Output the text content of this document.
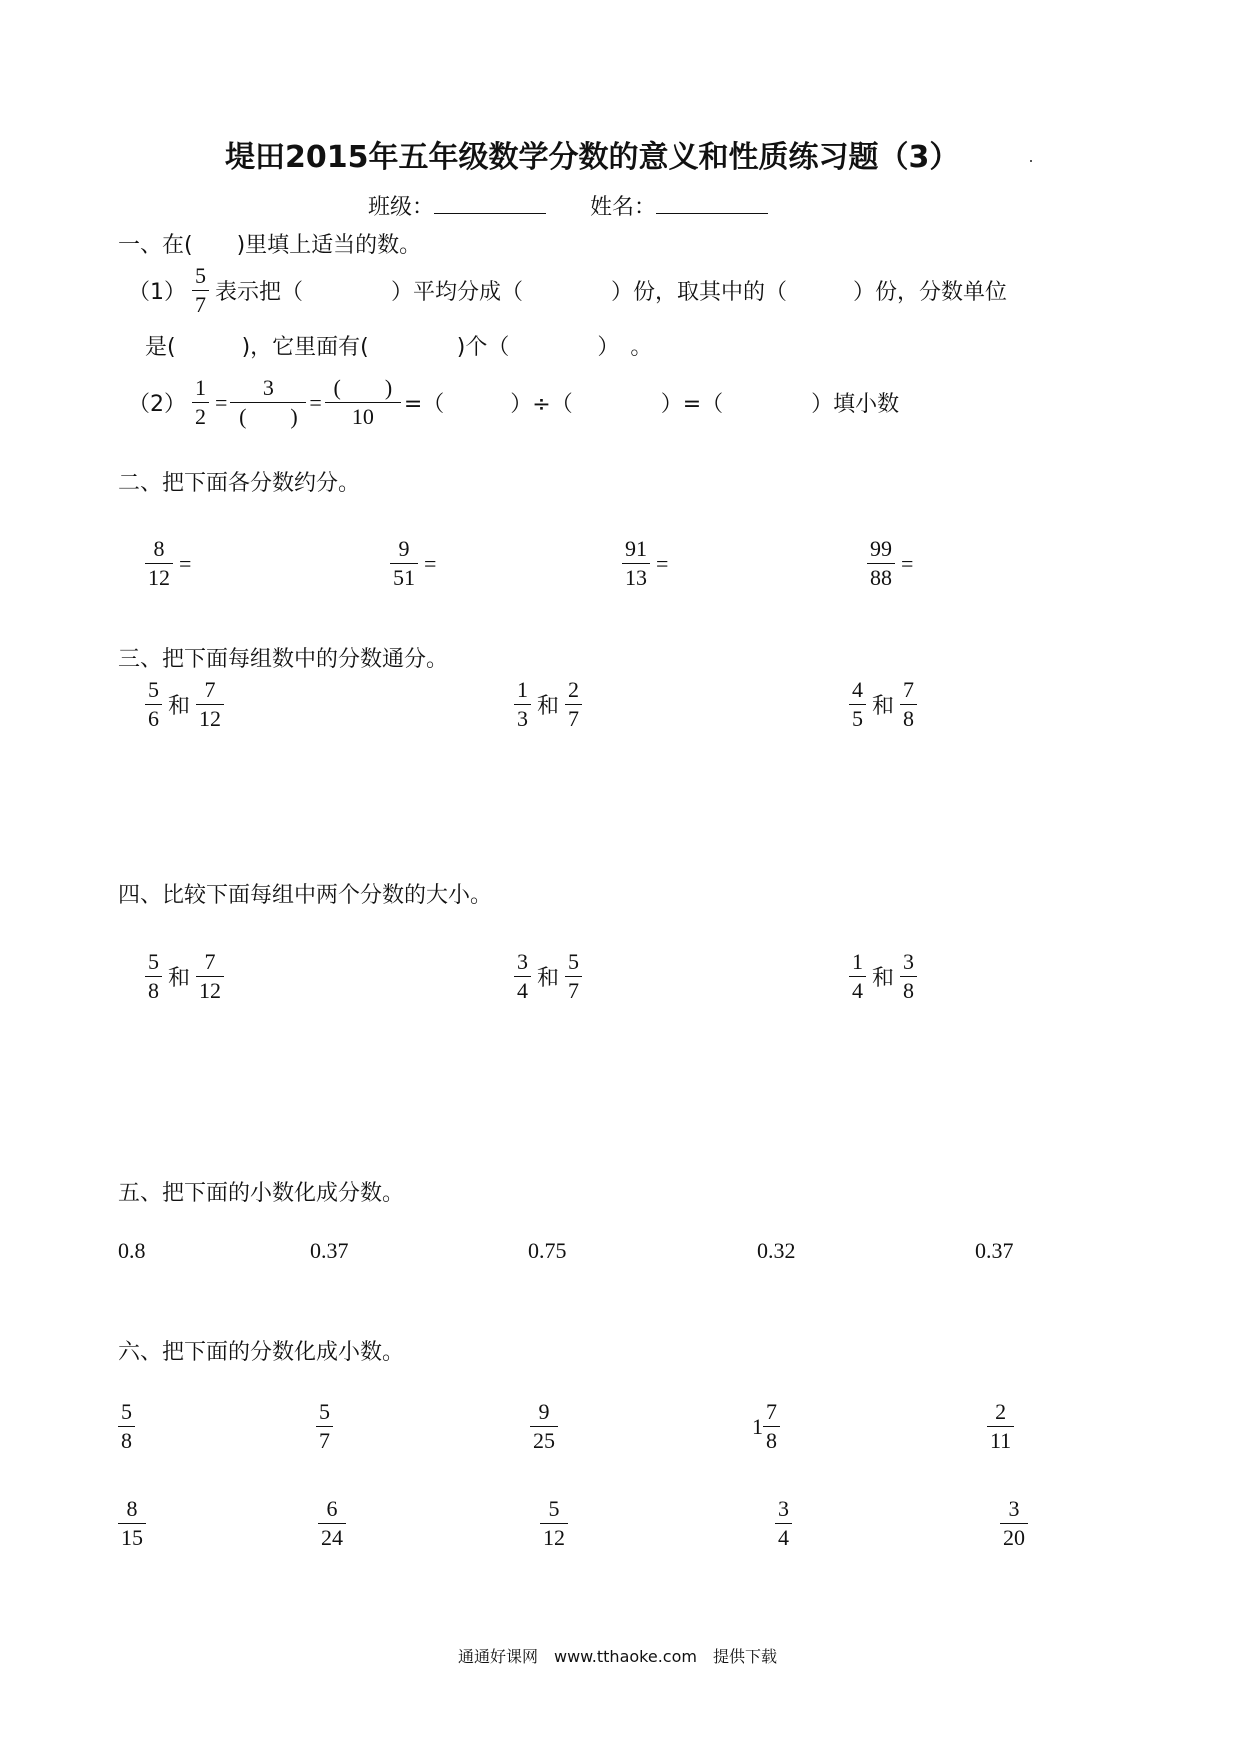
堤田2015年五年级数学分数的意义和性质练习题（3）
班级：	姓名：
一、在(　　)里填上适当的数。
$(1) \frac{5}{7}$ 表示把（　　　　）平均分成（　　　　）份，取其中的（　　　）份，分数单位
是(　　　)，它里面有(　　　　)个（　　　　）　。
$(2) \frac{1}{2} = \frac{3}{( )} = \frac{( )}{10}$ =（　　　）÷（　　　　）=（　　　　）填小数
二、把下面各分数约分。
$\frac{8}{12}$ =	$\frac{9}{51}$ =	$\frac{91}{13}$ =	$\frac{99}{88}$ =
三、把下面每组数中的分数通分。
$\frac{5}{6}$ 和 $\frac{7}{12}$	$\frac{1}{3}$ 和 $\frac{2}{7}$	$\frac{4}{5}$ 和 $\frac{7}{8}$
四、比较下面每组中两个分数的大小。
$\frac{5}{8}$ 和 $\frac{7}{12}$	$\frac{3}{4}$ 和 $\frac{5}{7}$	$\frac{1}{4}$ 和 $\frac{3}{8}$
五、把下面的小数化成分数。
0.8	0.37	0.75	0.32	0.37
六、把下面的分数化成小数。
$\frac{5}{8}$	$\frac{5}{7}$	$\frac{9}{25}$	$1 \frac{7}{8}$	$\frac{2}{11}$
$\frac{8}{15}$	$\frac{6}{24}$	$\frac{5}{12}$	$\frac{3}{4}$	$\frac{3}{20}$
通通好课网　www.tthaoke.com　提供下载
